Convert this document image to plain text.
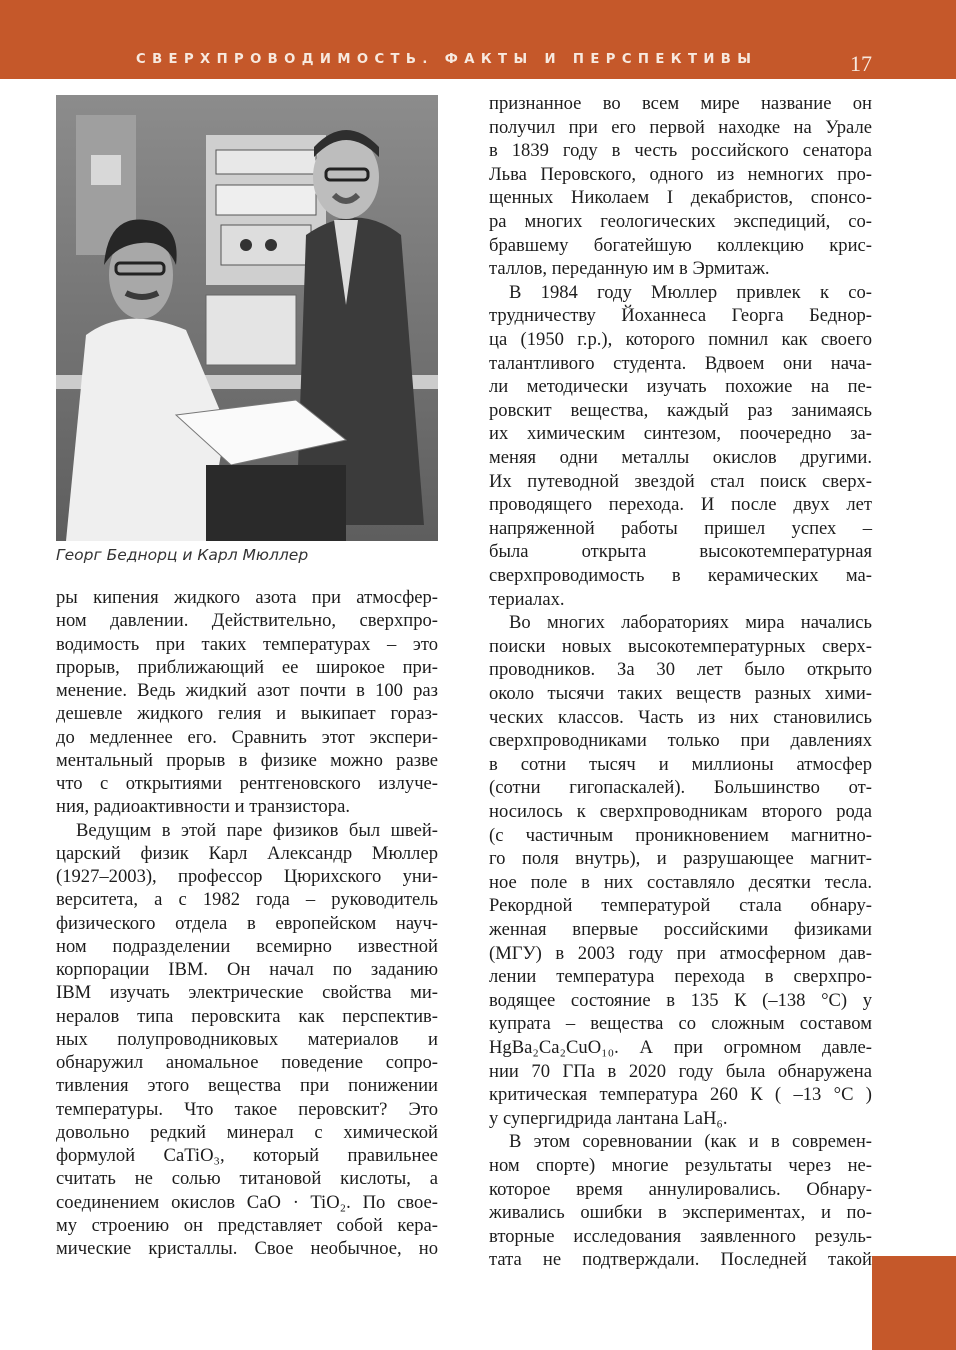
СВЕРХПРОВОДИМОСТЬ. ФАКТЫ И ПЕРСПЕКТИВЫ	17
Георг Беднорц и Карл Мюллер
ры кипения жидкого азота при атмосфер-
ном давлении. Действительно, сверхпро-
водимость при таких температурах – это
прорыв, приближающий ее широкое при-
менение. Ведь жидкий азот почти в 100 раз
дешевле жидкого гелия и выкипает горaз-
до медленнее его. Сравнить этот экспери-
ментальный прорыв в физике можно разве
что с открытиями рентгеновского излуче-
ния, радиоактивности и транзистора.
Ведущим в этой паре физиков был швей-
царский физик Карл Александр Мюллер
(1927–2003), профессор Цюрихского уни-
верситета, а с 1982 года – руководитель
физического отдела в европейском науч-
ном подразделении всемирно известной
корпорации IBM. Он начал по заданию
IBM изучать электрические свойства ми-
нералов типа перовскита как перспектив-
ных полупроводниковых материалов и
обнаружил аномальное поведение сопро-
тивления этого вещества при понижении
температуры. Что такое перовскит? Это
довольно редкий минерал с химической
формулой CaTiO₃, который правильнее
считать не солью титановой кислоты, а
соединением окислов CaO · TiO₂. По свое-
му строению он представляет собой кера-
мические кристаллы. Свое необычное, но
признанное во всем мире название он
получил при его первой находке на Урале
в 1839 году в честь российского сенатора
Льва Перовского, одного из немногих про-
щенных Николаем I декабристов, спонсо-
ра многих геологических экспедиций, со-
бравшему богатейшую коллекцию крис-
таллов, переданную им в Эрмитаж.
В 1984 году Мюллер привлек к со-
трудничеству Йоханнеса Георга Беднор-
ца (1950 г.р.), которого помнил как своего
талантливого студента. Вдвоем они нача-
ли методически изучать похожие на пе-
ровскит вещества, каждый раз занимаясь
их химическим синтезом, поочередно за-
меняя одни металлы окислов другими.
Их путеводной звездой стал поиск сверх-
проводящего перехода. И после двух лет
напряженной работы пришел успех –
была открыта высокотемпературная
сверхпроводимость в керамических ма-
териалах.
Во многих лабораториях мира начались
поиски новых высокотемпературных сверх-
проводников. За 30 лет было открыто
около тысячи таких веществ разных хими-
ческих классов. Часть из них становились
сверхпроводниками только при давлениях
в сотни тысяч и миллионы атмосфер
(сотни гигопаскалей). Большинство от-
носилось к сверхпроводникам второго рода
(с частичным проникновением магнитно-
го поля внутрь), и разрушающее магнит-
ное поле в них составляло десятки тесла.
Рекордной температурой стала обнару-
женная впервые российскими физиками
(МГУ) в 2003 году при атмосферном дав-
лении температура перехода в сверхпро-
водящее состояние в 135 К (–138 °С) у
купрата – вещества со сложным составом
HgBa₂Ca₂CuO₁₀. А при огромном давле-
нии 70 ГПа в 2020 году была обнаружена
критическая температура 260 К ( –13 °С )
у супергидрида лантана LaH₆.
В этом соревновании (как и в современ-
ном спорте) многие результаты через не-
которое время аннулировались. Обнару-
живались ошибки в экспериментах, и по-
вторные исследования заявленного резуль-
тата не подтверждали. Последней такой
